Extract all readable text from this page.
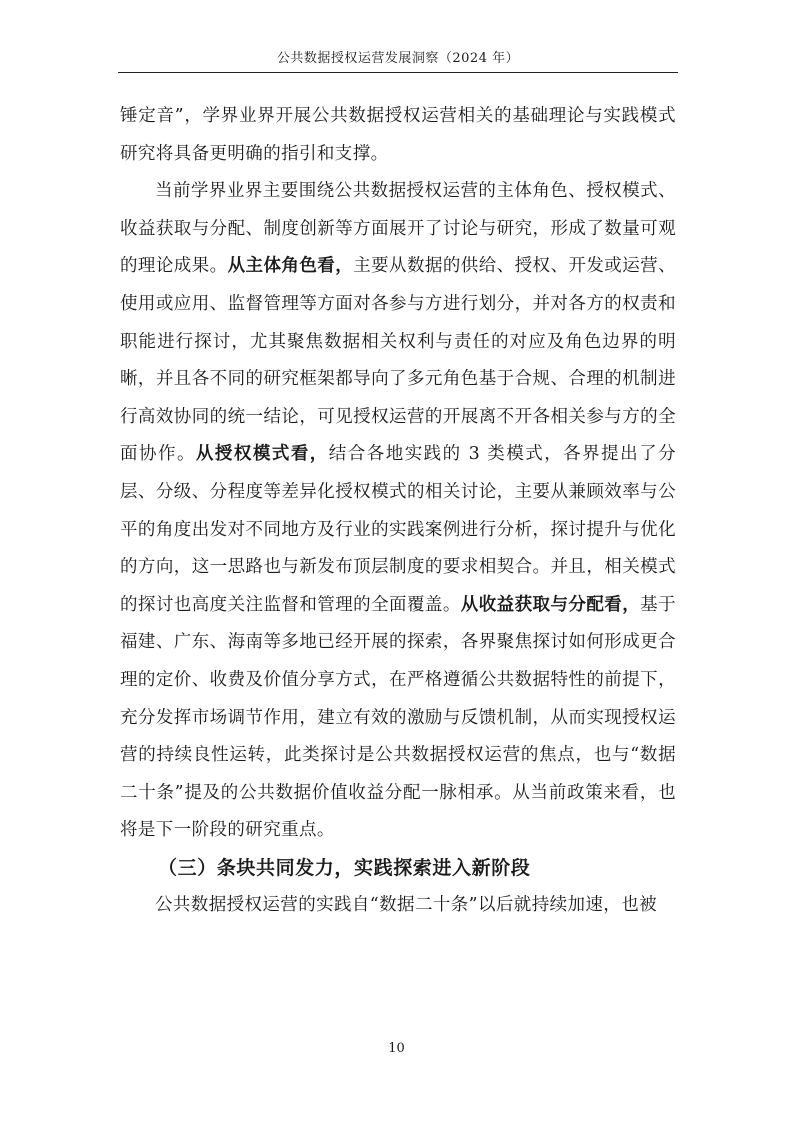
公共数据授权运营发展洞察（2024 年）

锤定音”，学界业界开展公共数据授权运营相关的基础理论与实践模式研究将具备更明确的指引和支撑。

当前学界业界主要围绕公共数据授权运营的主体角色、授权模式、收益获取与分配、制度创新等方面展开了讨论与研究，形成了数量可观的理论成果。从主体角色看，主要从数据的供给、授权、开发或运营、使用或应用、监督管理等方面对各参与方进行划分，并对各方的权责和职能进行探讨，尤其聚焦数据相关权利与责任的对应及角色边界的明晰，并且各不同的研究框架都导向了多元角色基于合规、合理的机制进行高效协同的统一结论，可见授权运营的开展离不开各相关参与方的全面协作。从授权模式看，结合各地实践的 3 类模式，各界提出了分层、分级、分程度等差异化授权模式的相关讨论，主要从兼顾效率与公平的角度出发对不同地方及行业的实践案例进行分析，探讨提升与优化的方向，这一思路也与新发布顶层制度的要求相契合。并且，相关模式的探讨也高度关注监督和管理的全面覆盖。从收益获取与分配看，基于福建、广东、海南等多地已经开展的探索，各界聚焦探讨如何形成更合理的定价、收费及价值分享方式，在严格遵循公共数据特性的前提下，充分发挥市场调节作用，建立有效的激励与反馈机制，从而实现授权运营的持续良性运转，此类探讨是公共数据授权运营的焦点，也与“数据二十条”提及的公共数据价值收益分配一脉相承。从当前政策来看，也将是下一阶段的研究重点。

（三）条块共同发力，实践探索进入新阶段

公共数据授权运营的实践自“数据二十条”以后就持续加速，也被

10
